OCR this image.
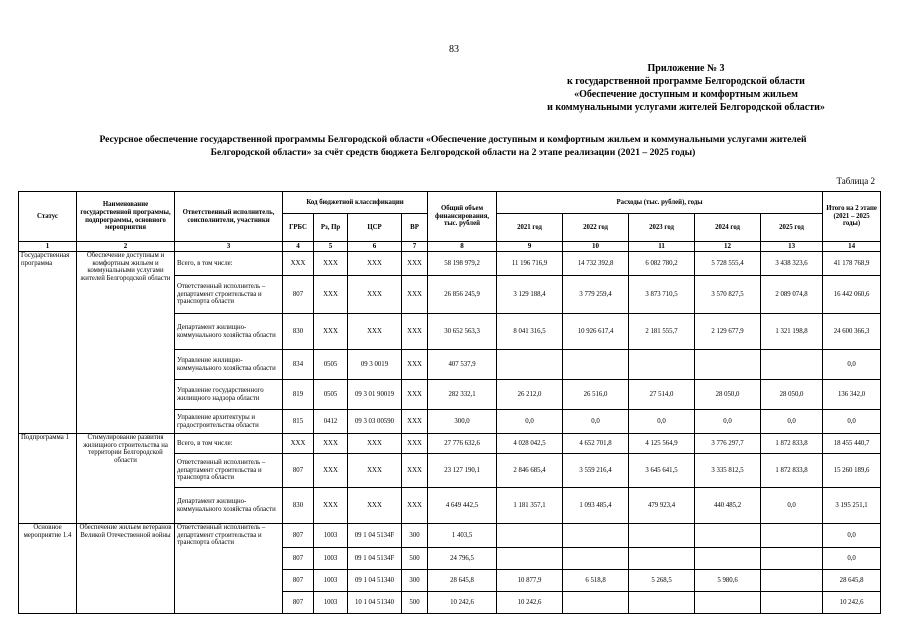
83
Приложение № 3
к государственной программе Белгородской области
«Обеспечение доступным и комфортным жильем
и коммунальными услугами жителей Белгородской области»
Ресурсное обеспечение государственной программы Белгородской области «Обеспечение доступным и комфортным жильем и коммунальными услугами жителей
Белгородской области» за счёт средств бюджета Белгородской области на 2 этапе реализации (2021 – 2025 годы)
Таблица 2
Статус	Наименование государственной программы, подпрограммы, основного мероприятия	Ответственный исполнитель, соисполнители, участники	Код бюджетной классификации				Общий объем финансирования, тыс. рублей	Расходы (тыс. рублей), годы					Итого на 2 этапе (2021 – 2025 годы)
			ГРБС	Рз, Пр	ЦСР	ВР		2021 год	2022 год	2023 год	2024 год	2025 год	
1	2	3	4	5	6	7	8	9	10	11	12	13	14
Государственная программа	Обеспечение доступным и комфортным жильем и коммунальными услугами жителей Белгородской области	Всего, в том числе:	ХХХ	ХХХ	ХХХ	ХХХ	58 198 979,2	11 196 716,9	14 732 392,8	6 082 780,2	5 728 555,4	3 438 323,6	41 178 768,9
		Ответственный исполнитель – департамент строительства и транспорта области	807	ХХХ	ХХХ	ХХХ	26 856 245,9	3 129 188,4	3 779 259,4	3 873 710,5	3 570 827,5	2 089 074,8	16 442 060,6
		Департамент жилищно-коммунального хозяйства области	830	ХХХ	ХХХ	ХХХ	30 652 563,3	8 041 316,5	10 926 617,4	2 181 555,7	2 129 677,9	1 321 198,8	24 600 366,3
		Управление жилищно-коммунального хозяйства области	834	0505	09 3 0019	ХХХ	407 537,9						0,0
		Управление государственного жилищного надзора области	819	0505	09 3 01 90019	ХХХ	282 332,1	26 212,0	26 516,0	27 514,0	28 050,0	28 050,0	136 342,0
		Управление архитектуры и градостроительства области	815	0412	09 3 03 00590	ХХХ	300,0	0,0	0,0	0,0	0,0	0,0	0,0
Подпрограмма 1	Стимулирование развития жилищного строительства на территории Белгородской области	Всего, в том числе:	ХХХ	ХХХ	ХХХ	ХХХ	27 776 632,6	4 028 042,5	4 652 701,8	4 125 564,9	3 776 297,7	1 872 833,8	18 455 440,7
		Ответственный исполнитель – департамент строительства и транспорта области	807	ХХХ	ХХХ	ХХХ	23 127 190,1	2 846 685,4	3 559 216,4	3 645 641,5	3 335 812,5	1 872 833,8	15 260 189,6
		Департамент жилищно-коммунального хозяйства области	830	ХХХ	ХХХ	ХХХ	4 649 442,5	1 181 357,1	1 093 485,4	479 923,4	440 485,2	0,0	3 195 251,1
Основное мероприятие 1.4	Обеспечение жильем ветеранов Великой Отечественной войны	Ответственный исполнитель – департамент строительства и транспорта области	807	1003	09 1 04 5134F	300	1 403,5						0,0
			807	1003	09 1 04 5134F	500	24 796,5						0,0
			807	1003	09 1 04 51340	300	28 645,8	10 877,9	6 518,8	5 268,5	5 980,6		28 645,8
			807	1003	10 1 04 51340	500	10 242,6	10 242,6					10 242,6
